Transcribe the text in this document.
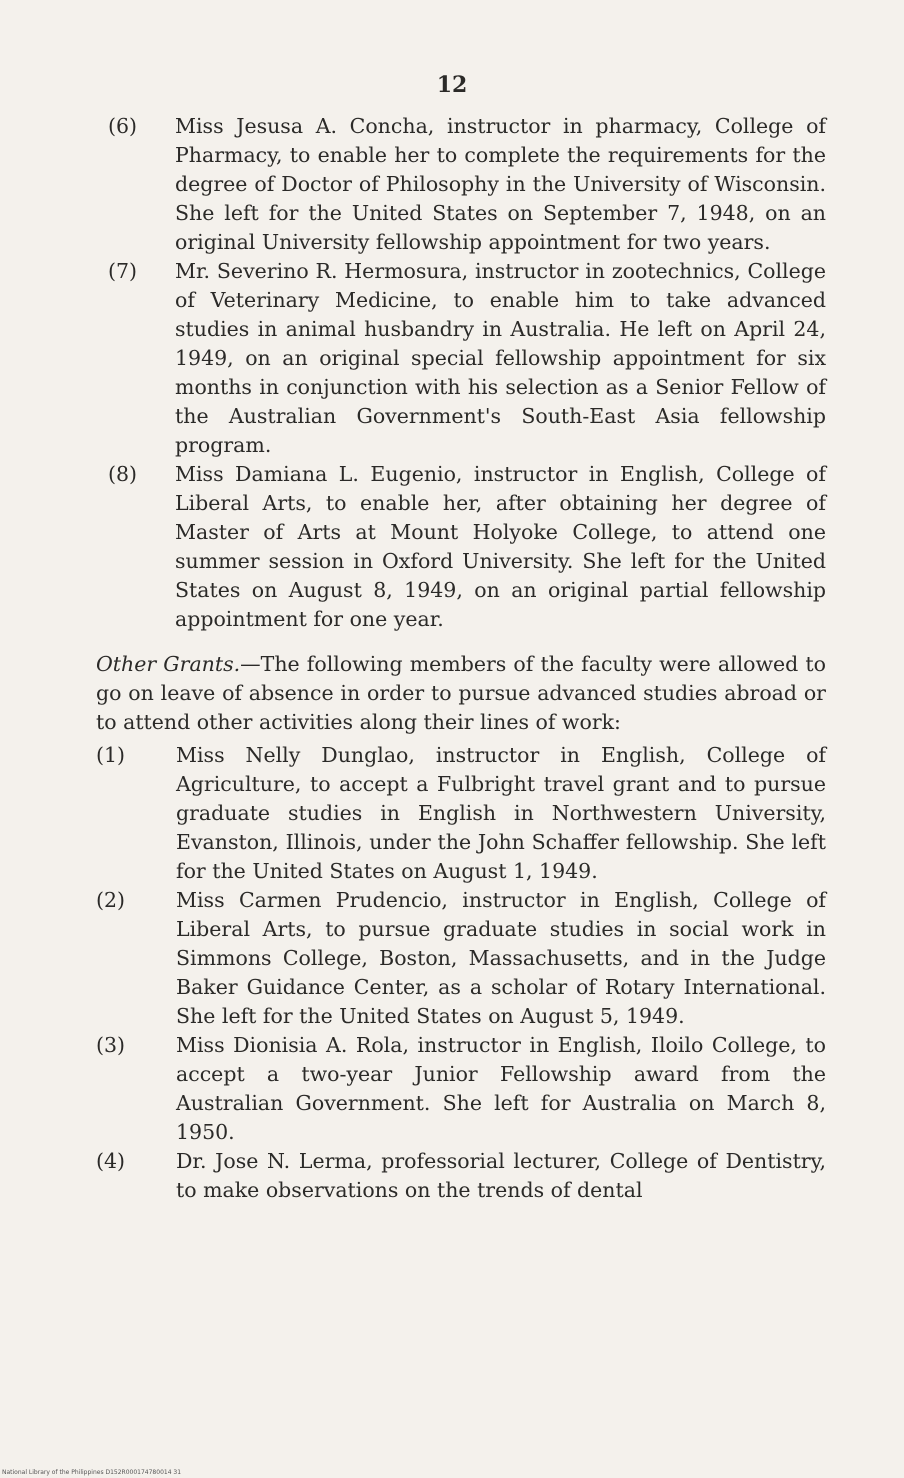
12
(6) Miss Jesusa A. Concha, instructor in pharmacy, College of Pharmacy, to enable her to complete the requirements for the degree of Doctor of Philosophy in the University of Wisconsin. She left for the United States on September 7, 1948, on an original University fellowship appointment for two years.
(7) Mr. Severino R. Hermosura, instructor in zootechnics, College of Veterinary Medicine, to enable him to take advanced studies in animal husbandry in Australia. He left on April 24, 1949, on an original special fellowship appointment for six months in conjunction with his selection as a Senior Fellow of the Australian Government's South-East Asia fellowship program.
(8) Miss Damiana L. Eugenio, instructor in English, College of Liberal Arts, to enable her, after obtaining her degree of Master of Arts at Mount Holyoke College, to attend one summer session in Oxford University. She left for the United States on August 8, 1949, on an original partial fellowship appointment for one year.

Other Grants.—The following members of the faculty were allowed to go on leave of absence in order to pursue advanced studies abroad or to attend other activities along their lines of work:

(1) Miss Nelly Dunglao, instructor in English, College of Agriculture, to accept a Fulbright travel grant and to pursue graduate studies in English in Northwestern University, Evanston, Illinois, under the John Schaffer fellowship. She left for the United States on August 1, 1949.
(2) Miss Carmen Prudencio, instructor in English, College of Liberal Arts, to pursue graduate studies in social work in Simmons College, Boston, Massachusetts, and in the Judge Baker Guidance Center, as a scholar of Rotary International. She left for the United States on August 5, 1949.
(3) Miss Dionisia A. Rola, instructor in English, Iloilo College, to accept a two-year Junior Fellowship award from the Australian Government. She left for Australia on March 8, 1950.
(4) Dr. Jose N. Lerma, professorial lecturer, College of Dentistry, to make observations on the trends of dental
National Library of the Philippines D152R000174780014 31
